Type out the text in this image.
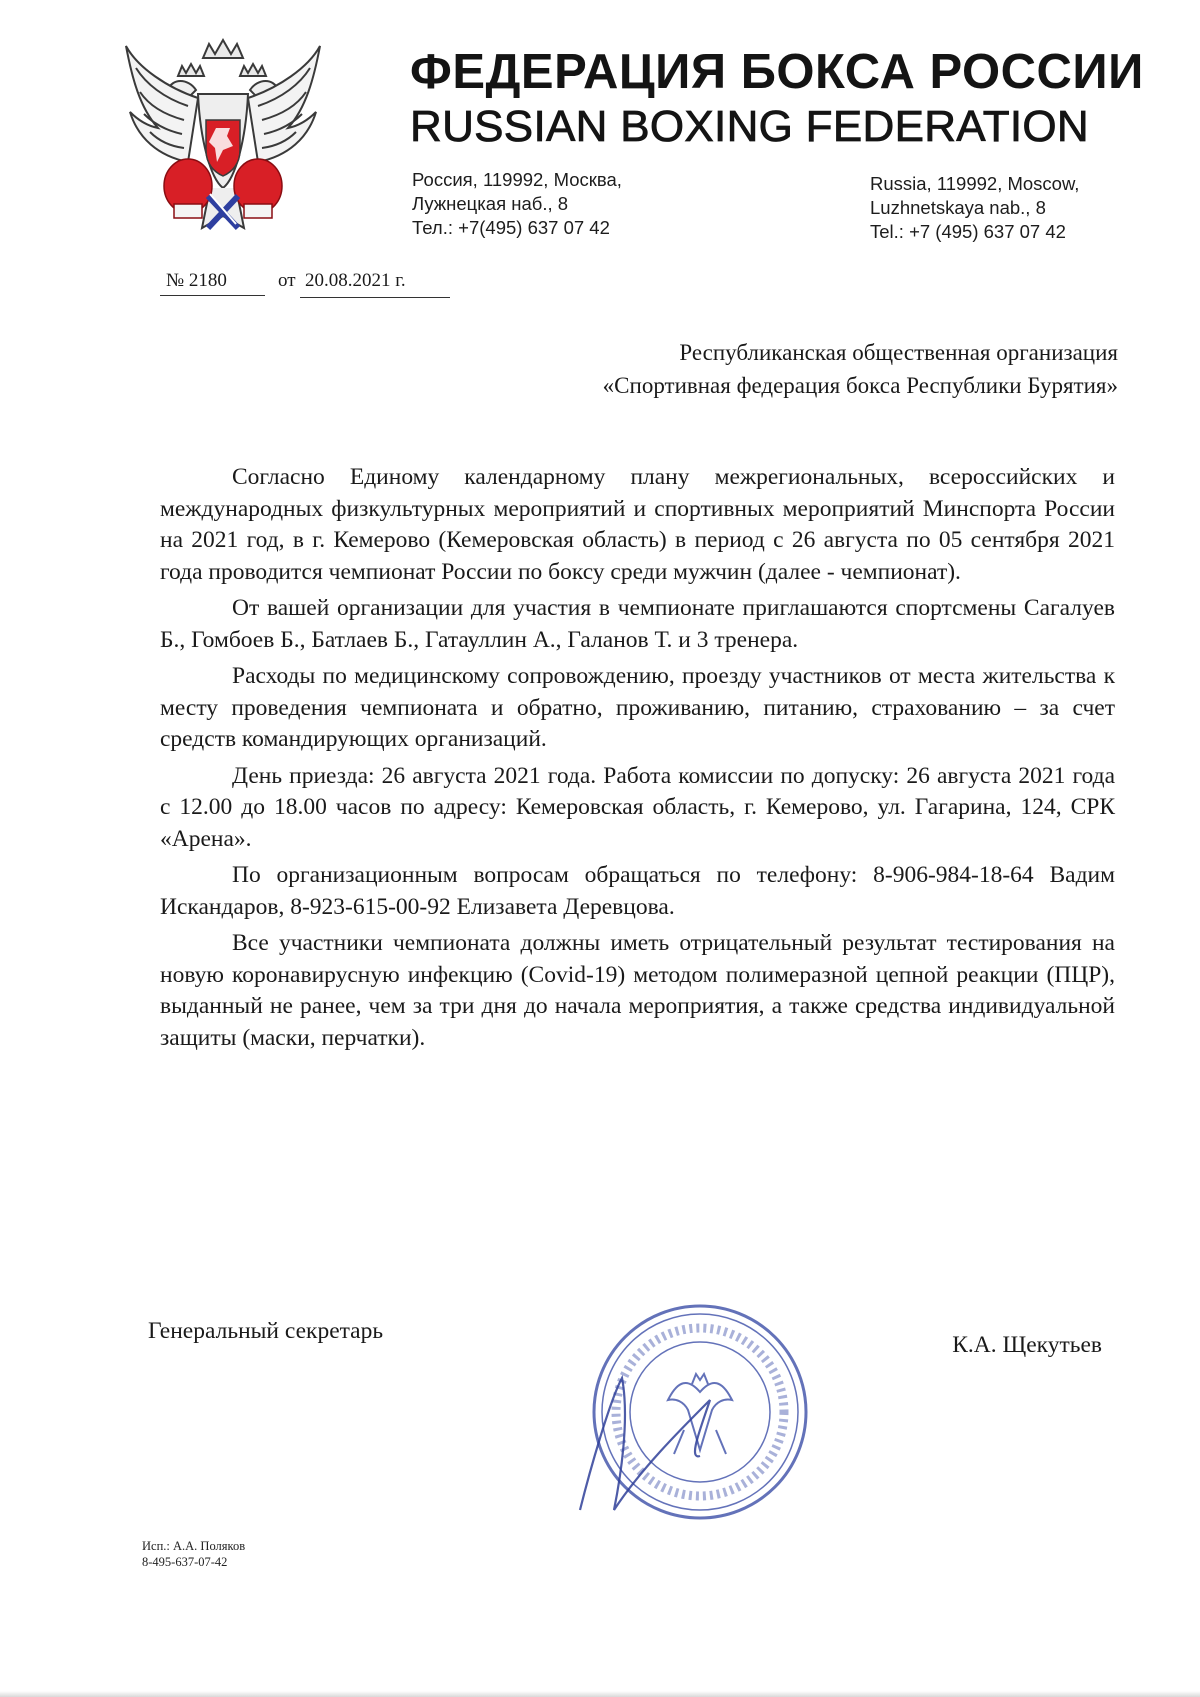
ФЕДЕРАЦИЯ БОКСА РОССИИ
RUSSIAN BOXING FEDERATION
Россия, 119992, Москва,
Лужнецкая наб., 8
Тел.: +7(495) 637 07 42
Russia, 119992, Moscow,
Luzhnetskaya nab., 8
Tel.: +7 (495) 637 07 42
№ 2180	от 20.08.2021 г.
Республиканская общественная организация
«Спортивная федерация бокса Республики Бурятия»

Согласно Единому календарному плану межрегиональных, всероссийских и международных физкультурных мероприятий и спортивных мероприятий Минспорта России на 2021 год, в г. Кемерово (Кемеровская область) в период с 26 августа по 05 сентября 2021 года проводится чемпионат России по боксу среди мужчин (далее - чемпионат).

От вашей организации для участия в чемпионате приглашаются спортсмены Сагалуев Б., Гомбоев Б., Батлаев Б., Гатауллин А., Галанов Т. и 3 тренера.

Расходы по медицинскому сопровождению, проезду участников от места жительства к месту проведения чемпионата и обратно, проживанию, питанию, страхованию – за счет средств командирующих организаций.

День приезда: 26 августа 2021 года. Работа комиссии по допуску: 26 августа 2021 года с 12.00 до 18.00 часов по адресу: Кемеровская область, г. Кемерово, ул. Гагарина, 124, СРК «Арена».

По организационным вопросам обращаться по телефону: 8-906-984-18-64 Вадим Искандаров, 8-923-615-00-92 Елизавета Деревцова.

Все участники чемпионата должны иметь отрицательный результат тестирования на новую коронавирусную инфекцию (Covid-19) методом полимеразной цепной реакции (ПЦР), выданный не ранее, чем за три дня до начала мероприятия, а также средства индивидуальной защиты (маски, перчатки).

Генеральный секретарь
К.А. Щекутьев
Исп.: А.А. Поляков
8-495-637-07-42
